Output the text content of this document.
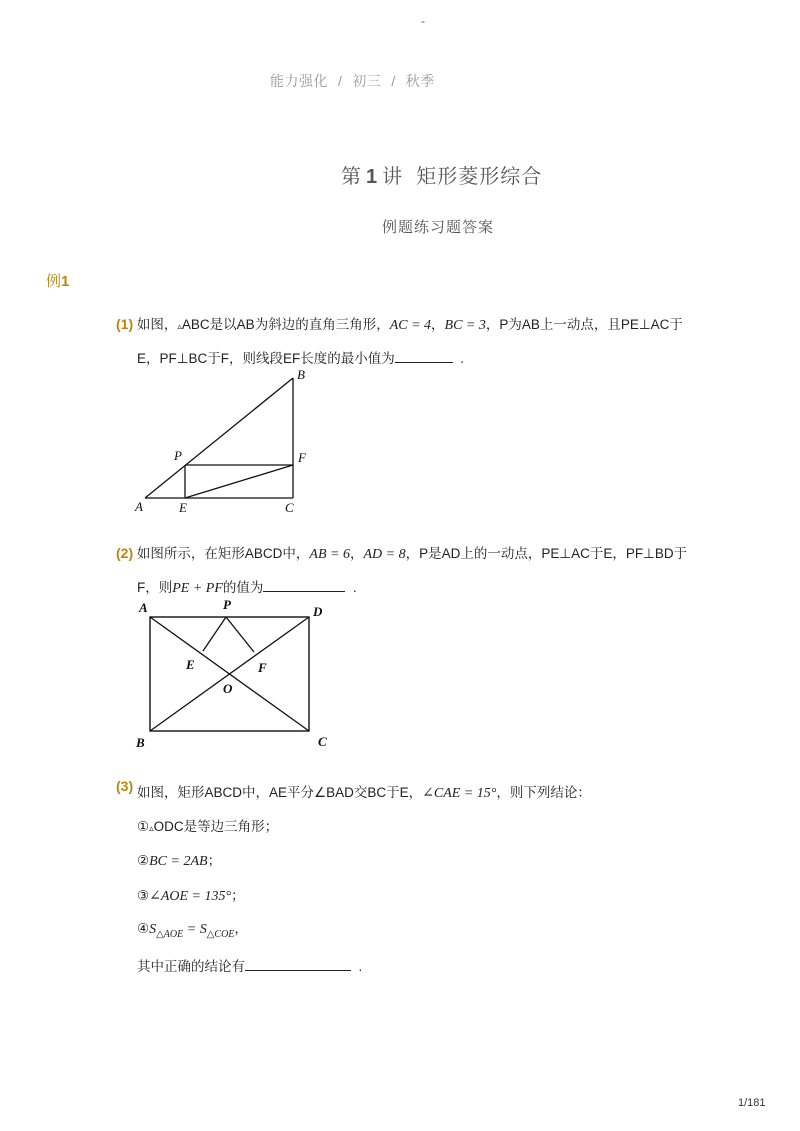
-
能力强化 / 初三 / 秋季
第 1 讲 矩形菱形综合
例题练习题答案
例1
(1) 如图，▵ABC是以AB为斜边的直角三角形，AC = 4，BC = 3，P为AB上一动点，且PE⊥AC于
E，PF⊥BC于F，则线段EF长度的最小值为	.
B
F
P
A	E	C
(2) 如图所示，在矩形ABCD中，AB = 6，AD = 8，P是AD上的一动点，PE⊥AC于E，PF⊥BD于
F，则PE + PF的值为	.
A	P	D
E	F
O
B	C
(3) 如图，矩形ABCD中，AE平分∠BAD交BC于E，∠CAE = 15°，则下列结论：
①▵ODC是等边三角形；
②BC = 2AB；
③∠AOE = 135°；
$④S_{\triangle AOE} = S_{\triangle COE}$，
其中正确的结论有	.
1/181
